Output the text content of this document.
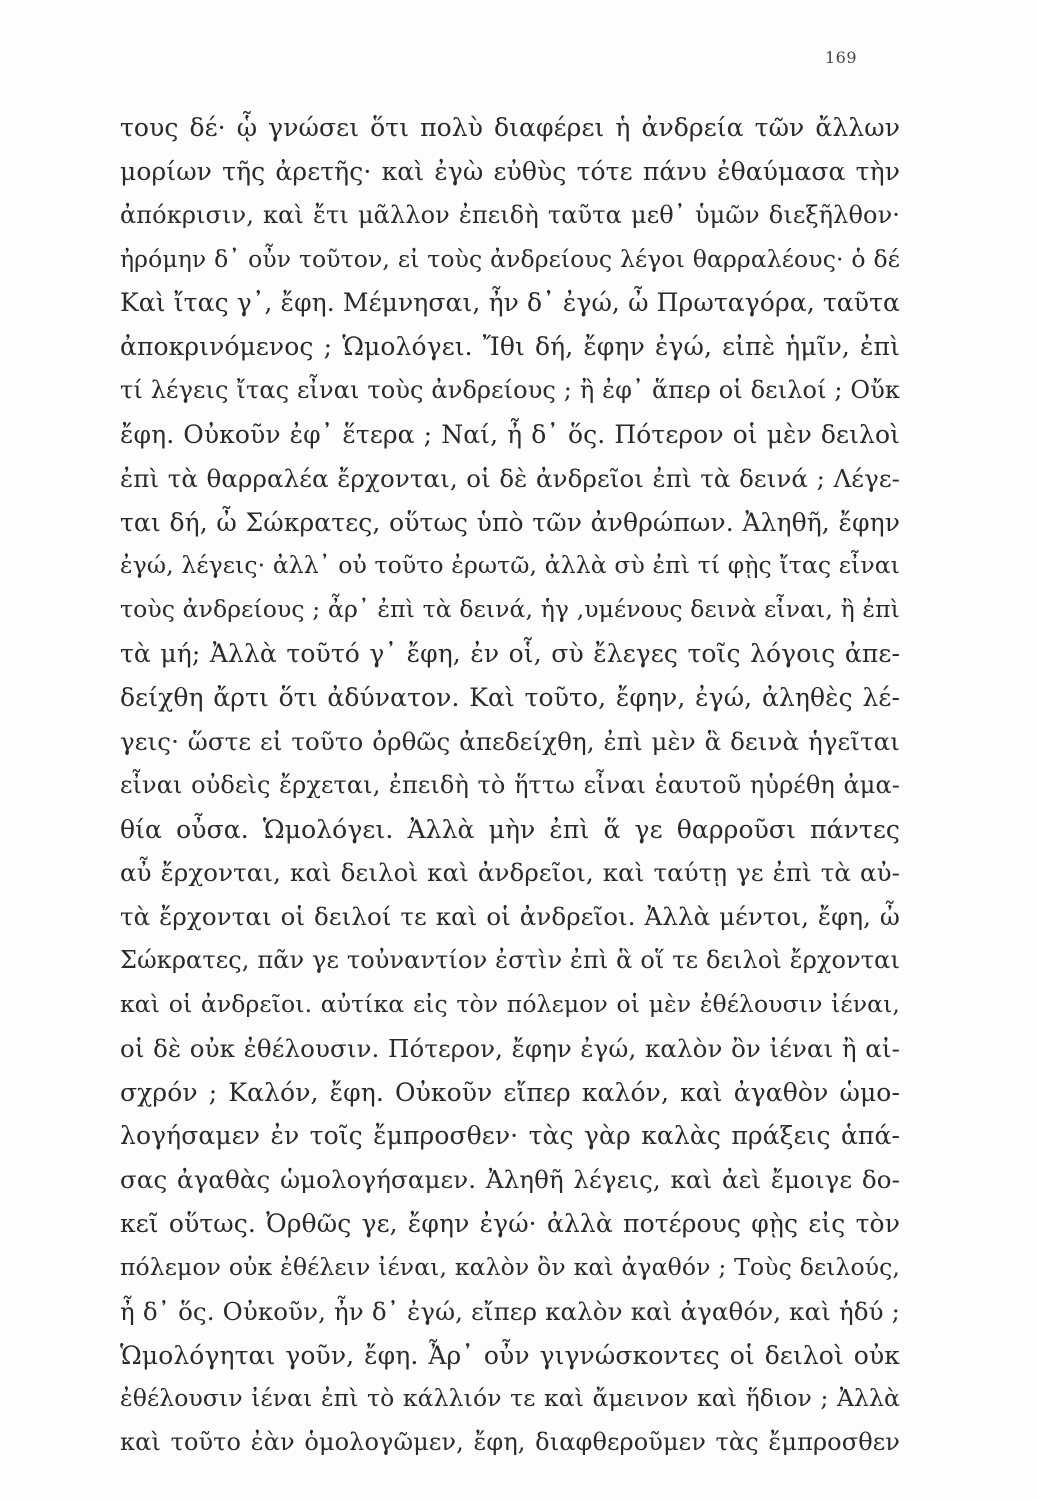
169
τους δέ· ᾧ γνώσει ὅτι πολὺ διαφέρει ἡ ἀνδρεία τῶν ἄλλων
μορίων τῆς ἀρετῆς· καὶ ἐγὼ εὐθὺς τότε πάνυ ἐθαύμασα τὴν
ἀπόκρισιν, καὶ ἔτι μᾶλλον ἐπειδὴ ταῦτα μεθ᾽ ὑμῶν διεξῆλθον·
ἠρόμην δ᾽ οὖν τοῦτον, εἰ τοὺς ἀνδρείους λέγοι θαρραλέους· ὁ δέ
Καὶ ἴτας γ᾽, ἔφη. Μέμνησαι, ἦν δ᾽ ἐγώ, ὦ Πρωταγόρα, ταῦτα
ἀποκρινόμενος ; Ὡμολόγει. Ἴθι δή, ἔφην ἐγώ, εἰπὲ ἡμῖν, ἐπὶ
τί λέγεις ἴτας εἶναι τοὺς ἀνδρείους ; ἢ ἐφ᾽ ἅπερ οἱ δειλοί ; Οὔκ
ἔφη. Οὐκοῦν ἐφ᾽ ἕτερα ; Ναί, ἦ δ᾽ ὅς. Πότερον οἱ μὲν δειλοὶ
ἐπὶ τὰ θαρραλέα ἔρχονται, οἱ δὲ ἀνδρεῖοι ἐπὶ τὰ δεινά ; Λέγε-
ται δή, ὦ Σώκρατες, οὕτως ὑπὸ τῶν ἀνθρώπων. Ἀληθῆ, ἔφην
ἐγώ, λέγεις· ἀλλ᾽ οὐ τοῦτο ἐρωτῶ, ἀλλὰ σὺ ἐπὶ τί φῂς ἴτας εἶναι
τοὺς ἀνδρείους ; ἆρ᾽ ἐπὶ τὰ δεινά, ἡγ ,υμένους δεινὰ εἶναι, ἢ ἐπὶ
τὰ μή; Ἀλλὰ τοῦτό γ᾽ ἔφη, ἐν οἷ, σὺ ἔλεγες τοῖς λόγοις ἀπε-
δείχθη ἄρτι ὅτι ἀδύνατον. Καὶ τοῦτο, ἔφην, ἐγώ, ἀληθὲς λέ-
γεις· ὥστε εἰ τοῦτο ὀρθῶς ἀπεδείχθη, ἐπὶ μὲν ἃ δεινὰ ἡγεῖται
εἶναι οὐδεὶς ἔρχεται, ἐπειδὴ τὸ ἥττω εἶναι ἑαυτοῦ ηὑρέθη ἀμα-
θία οὖσα. Ὡμολόγει. Ἀλλὰ μὴν ἐπὶ ἅ γε θαρροῦσι πάντες
αὖ ἔρχονται, καὶ δειλοὶ καὶ ἀνδρεῖοι, καὶ ταύτῃ γε ἐπὶ τὰ αὐ-
τὰ ἔρχονται οἱ δειλοί τε καὶ οἱ ἀνδρεῖοι. Ἀλλὰ μέντοι, ἔφη, ὦ
Σώκρατες, πᾶν γε τοὐναντίον ἐστὶν ἐπὶ ἃ οἵ τε δειλοὶ ἔρχονται
καὶ οἱ ἀνδρεῖοι. αὐτίκα εἰς τὸν πόλεμον οἱ μὲν ἐθέλουσιν ἰέναι,
οἱ δὲ οὐκ ἐθέλουσιν. Πότερον, ἔφην ἐγώ, καλὸν ὂν ἰέναι ἢ αἰ-
σχρόν ; Καλόν, ἔφη. Οὐκοῦν εἴπερ καλόν, καὶ ἀγαθὸν ὡμο-
λογήσαμεν ἐν τοῖς ἔμπροσθεν· τὰς γὰρ καλὰς πράξεις ἁπά-
σας ἀγαθὰς ὡμολογήσαμεν. Ἀληθῆ λέγεις, καὶ ἀεὶ ἔμοιγε δο-
κεῖ οὕτως. Ὀρθῶς γε, ἔφην ἐγώ· ἀλλὰ ποτέρους φῂς εἰς τὸν
πόλεμον οὐκ ἐθέλειν ἰέναι, καλὸν ὂν καὶ ἀγαθόν ; Τοὺς δειλούς,
ἦ δ᾽ ὅς. Οὐκοῦν, ἦν δ᾽ ἐγώ, εἴπερ καλὸν καὶ ἀγαθόν, καὶ ἡδύ ;
Ὡμολόγηται γοῦν, ἔφη. Ἆρ᾽ οὖν γιγνώσκοντες οἱ δειλοὶ οὐκ
ἐθέλουσιν ἰέναι ἐπὶ τὸ κάλλιόν τε καὶ ἄμεινον καὶ ἥδιον ; Ἀλλὰ
καὶ τοῦτο ἐὰν ὁμολογῶμεν, ἔφη, διαφθεροῦμεν τὰς ἔμπροσθεν
